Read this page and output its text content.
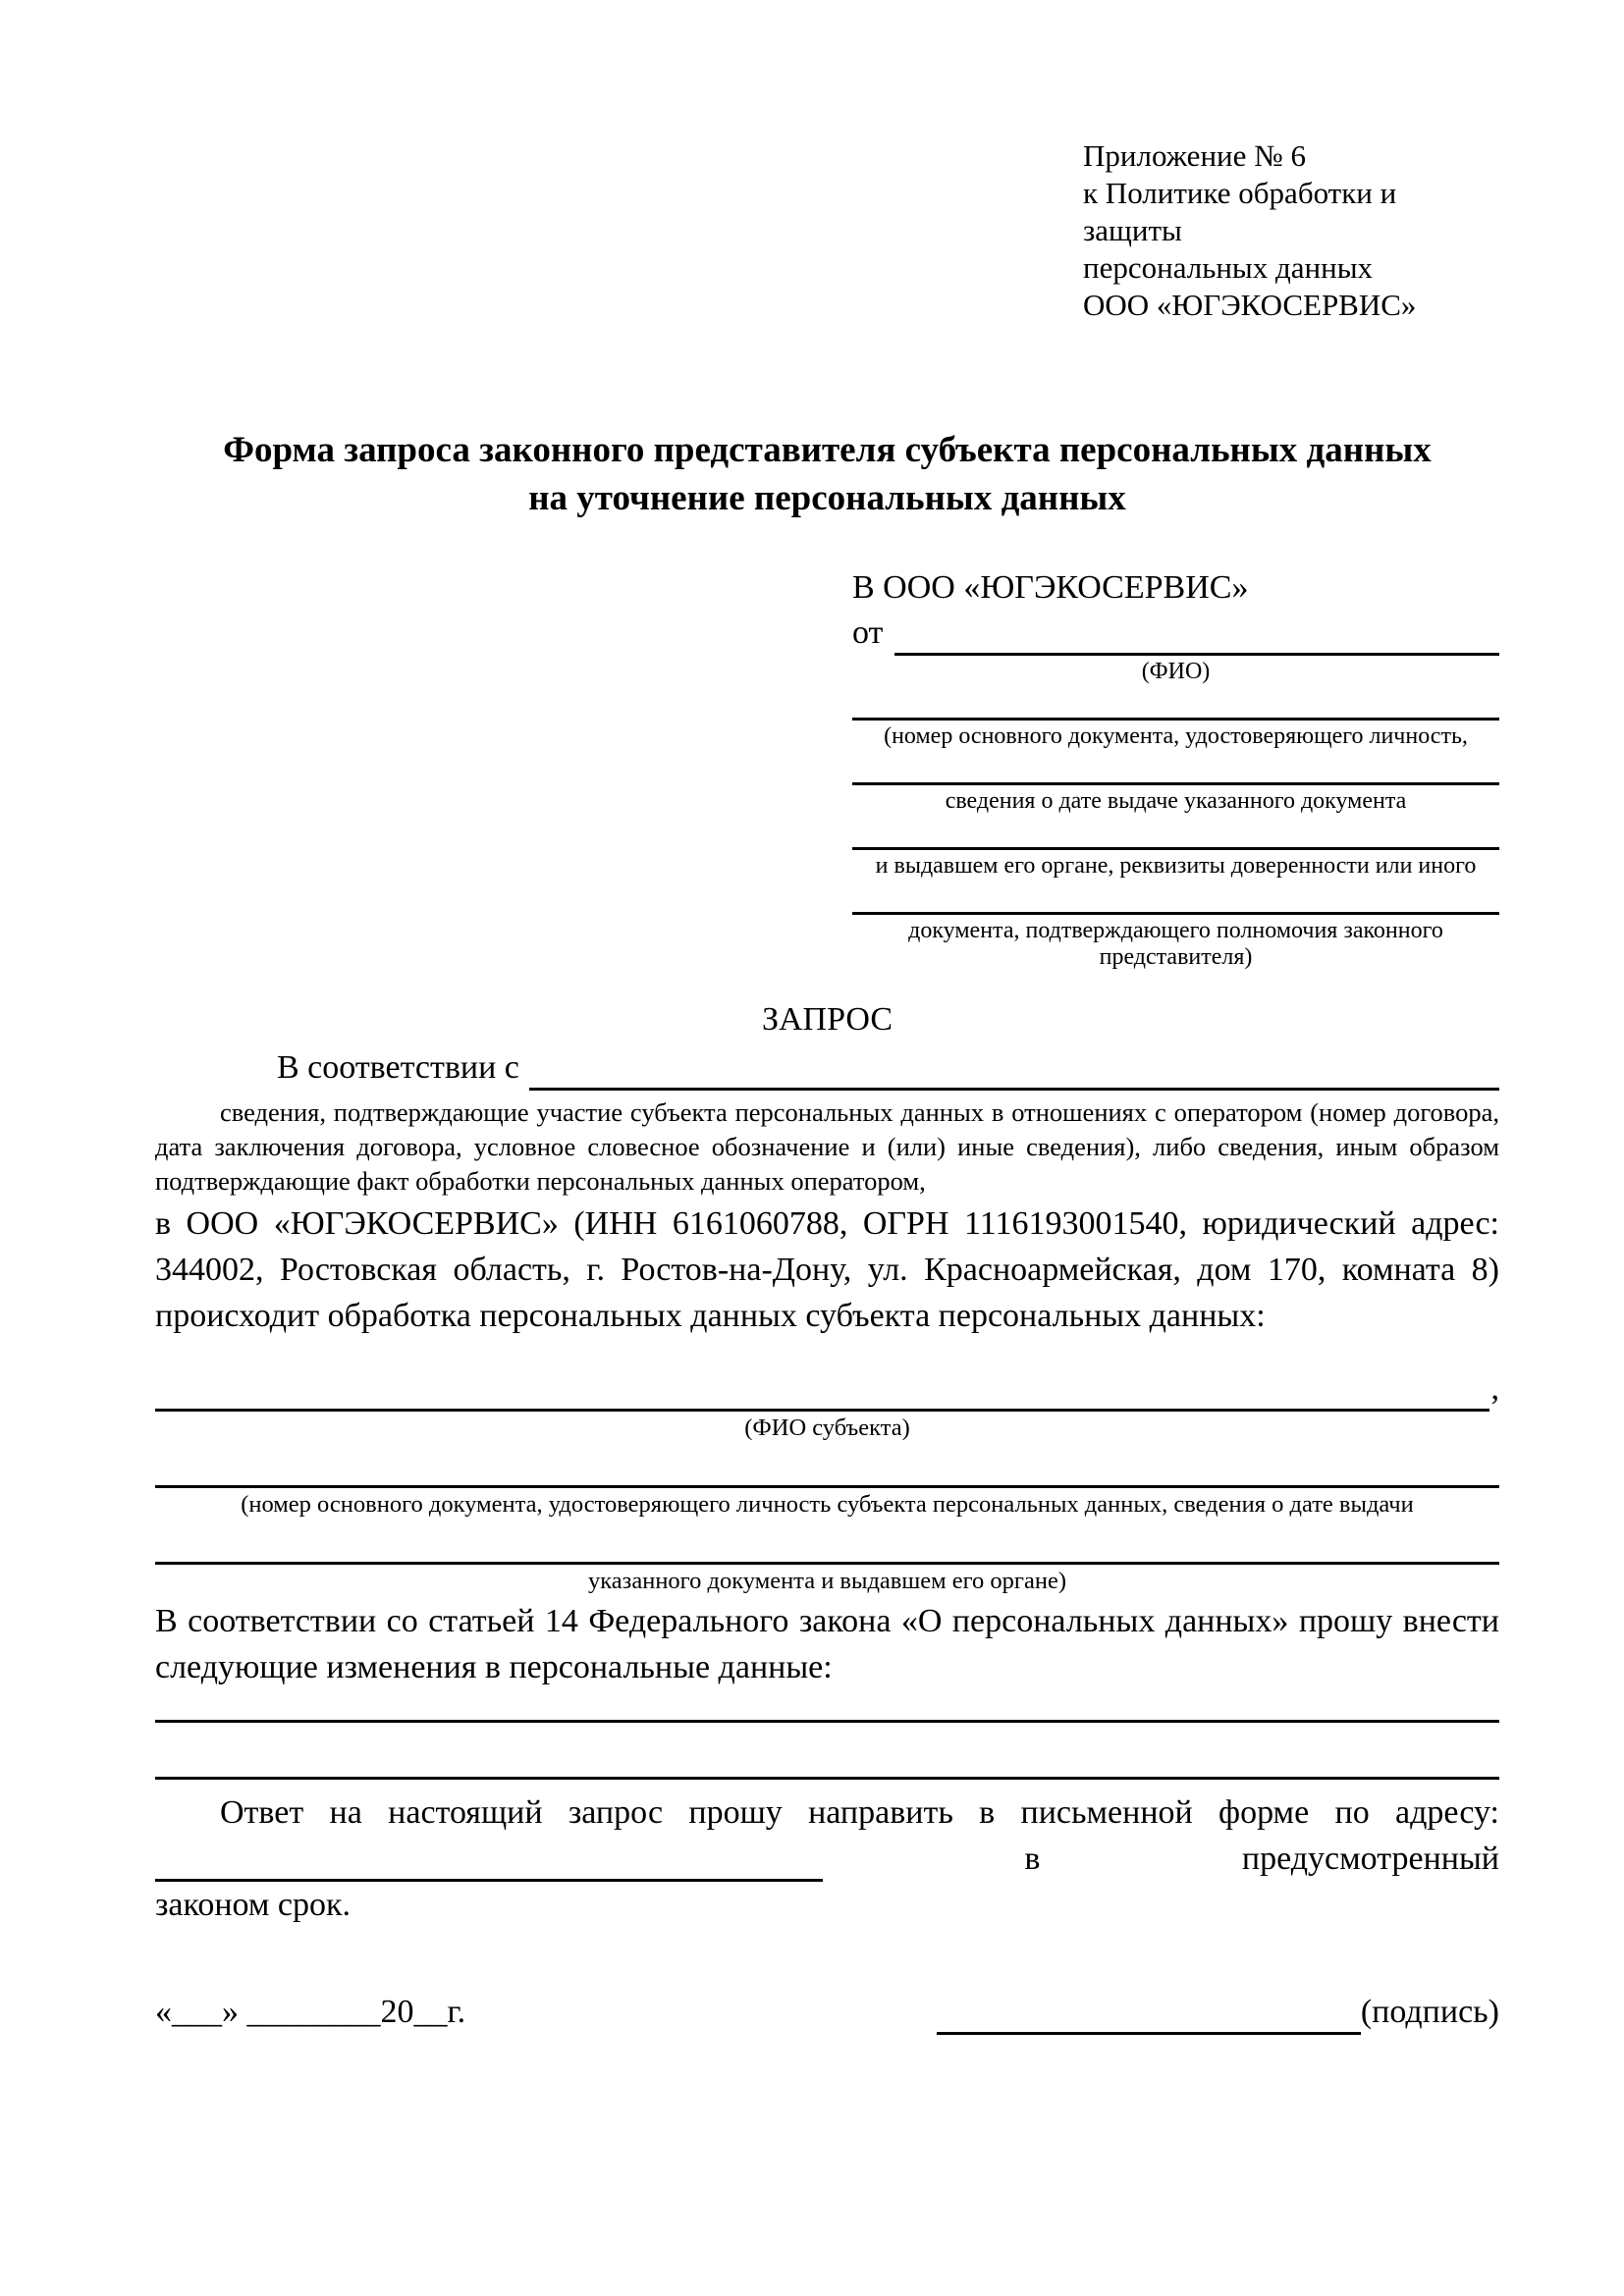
Приложение № 6
к Политике обработки и защиты
персональных данных
ООО «ЮГЭКОСЕРВИС»
Форма запроса законного представителя субъекта персональных данных
на уточнение персональных данных
В ООО «ЮГЭКОСЕРВИС»
от
(ФИО)
(номер основного документа, удостоверяющего личность,
сведения о дате выдаче указанного документа
и выдавшем его органе, реквизиты доверенности или иного
документа, подтверждающего полномочия законного представителя)
ЗАПРОС
В соответствии с
сведения, подтверждающие участие субъекта персональных данных в отношениях с оператором (номер договора, дата заключения договора, условное словесное обозначение и (или) иные сведения), либо сведения, иным образом подтверждающие факт обработки персональных данных оператором,
в ООО «ЮГЭКОСЕРВИС» (ИНН 6161060788, ОГРН 1116193001540, юридический адрес: 344002, Ростовская область, г. Ростов-на-Дону, ул. Красноармейская, дом 170, комната 8) происходит обработка персональных данных субъекта персональных данных:
,
(ФИО субъекта)
(номер основного документа, удостоверяющего личность субъекта персональных данных, сведения о дате выдачи
указанного документа и выдавшем его органе)
В соответствии со статьей 14 Федерального закона «О персональных данных» прошу внести следующие изменения в персональные данные:
Ответ на настоящий запрос прошу направить в письменной форме по адресу:
в	предусмотренный
законом срок.
«___» ________20__г.	(подпись)
